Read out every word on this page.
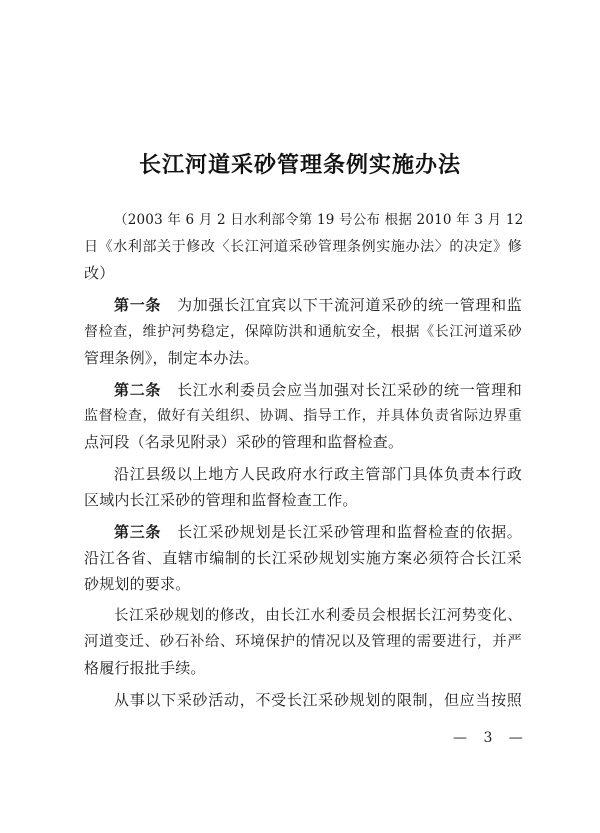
长江河道采砂管理条例实施办法
（2003 年 6 月 2 日水利部令第 19 号公布 根据 2010 年 3 月 12
日《水利部关于修改〈长江河道采砂管理条例实施办法〉的决定》修
改）
第一条 为加强长江宜宾以下干流河道采砂的统一管理和监
督检查，维护河势稳定，保障防洪和通航安全，根据《长江河道采砂
管理条例》，制定本办法。
第二条 长江水利委员会应当加强对长江采砂的统一管理和
监督检查，做好有关组织、协调、指导工作，并具体负责省际边界重
点河段（名录见附录）采砂的管理和监督检查。
沿江县级以上地方人民政府水行政主管部门具体负责本行政
区域内长江采砂的管理和监督检查工作。
第三条 长江采砂规划是长江采砂管理和监督检查的依据。
沿江各省、直辖市编制的长江采砂规划实施方案必须符合长江采
砂规划的要求。
长江采砂规划的修改，由长江水利委员会根据长江河势变化、
河道变迁、砂石补给、环境保护的情况以及管理的需要进行，并严
格履行报批手续。
从事以下采砂活动，不受长江采砂规划的限制，但应当按照
— 3 —
